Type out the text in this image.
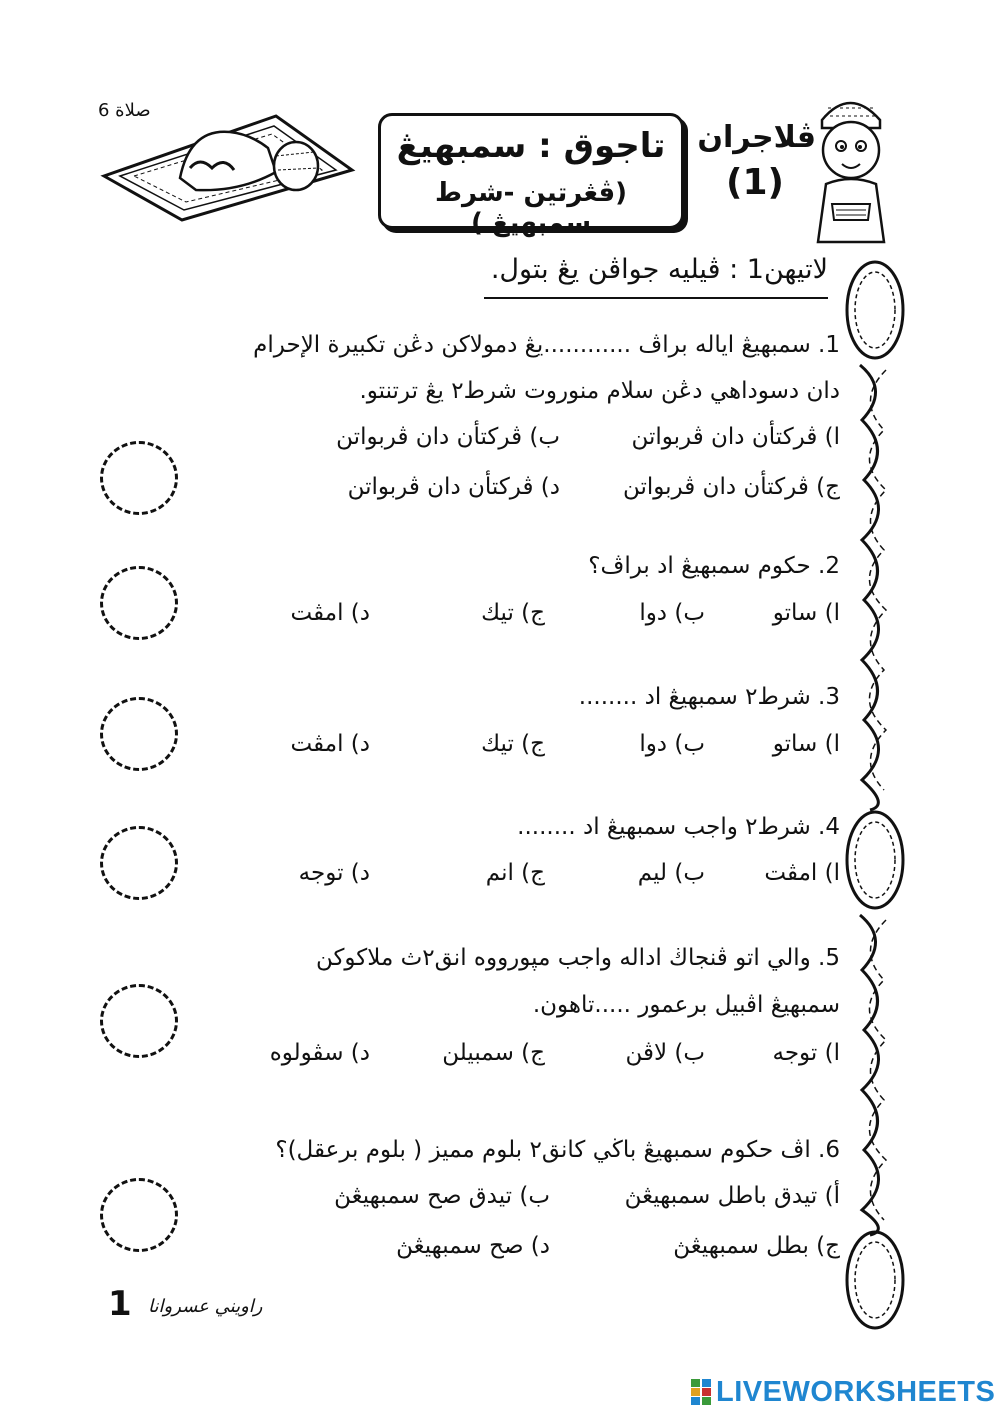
صلاة 6
تاجوق : سمبهيڠ
(ڤڠرتين -شرط سمبهيڠ )
ڤلاجران
(1)
لاتيهن1 : ڤيليه جواڤن يڠ بتول.
1. سمبهيڠ اياله براڤ ............يڠ دمولاكن دڠن تكبيرة الإحرام
دان دسوداهي دڠن سلام منوروت شرط٢ يڠ ترتنتو.
ا) ڤركتأن دان ڤربواتن
ب) ڤركتأن دان ڤربواتن
ج) ڤركتأن دان ڤربواتن
د) ڤركتأن دان ڤربواتن
2. حكوم سمبهيڠ اد براڤ؟
ا) ساتو
ب) دوا
ج) تيك
د) امڤت
3. شرط٢ سمبهيڠ اد ........
ا) ساتو
ب) دوا
ج) تيك
د) امڤت
4. شرط٢ واجب سمبهيڠ اد ........
ا) امڤت
ب) ليم
ج) انم
د) توجه
5. والي اتو ڤنجاڬ اداله واجب مپورووه انق٢ث ملاكوكن
سمبهيڠ اڤبيل برعمور .....تاهون.
ا) توجه
ب) لاڤن
ج) سمبيلن
د) سڤولوه
6. اڤ حكوم سمبهيڠ باڬي كانق٢ بلوم مميز ( بلوم برعقل)؟
أ) تيدق باطل سمبهيڠڽ
ب) تيدق صح سمبهيڠڽ
ج) بطل سمبهيڠڽ
د) صح سمبهيڠڽ
1 راويني عسروانا
LIVEWORKSHEETS
